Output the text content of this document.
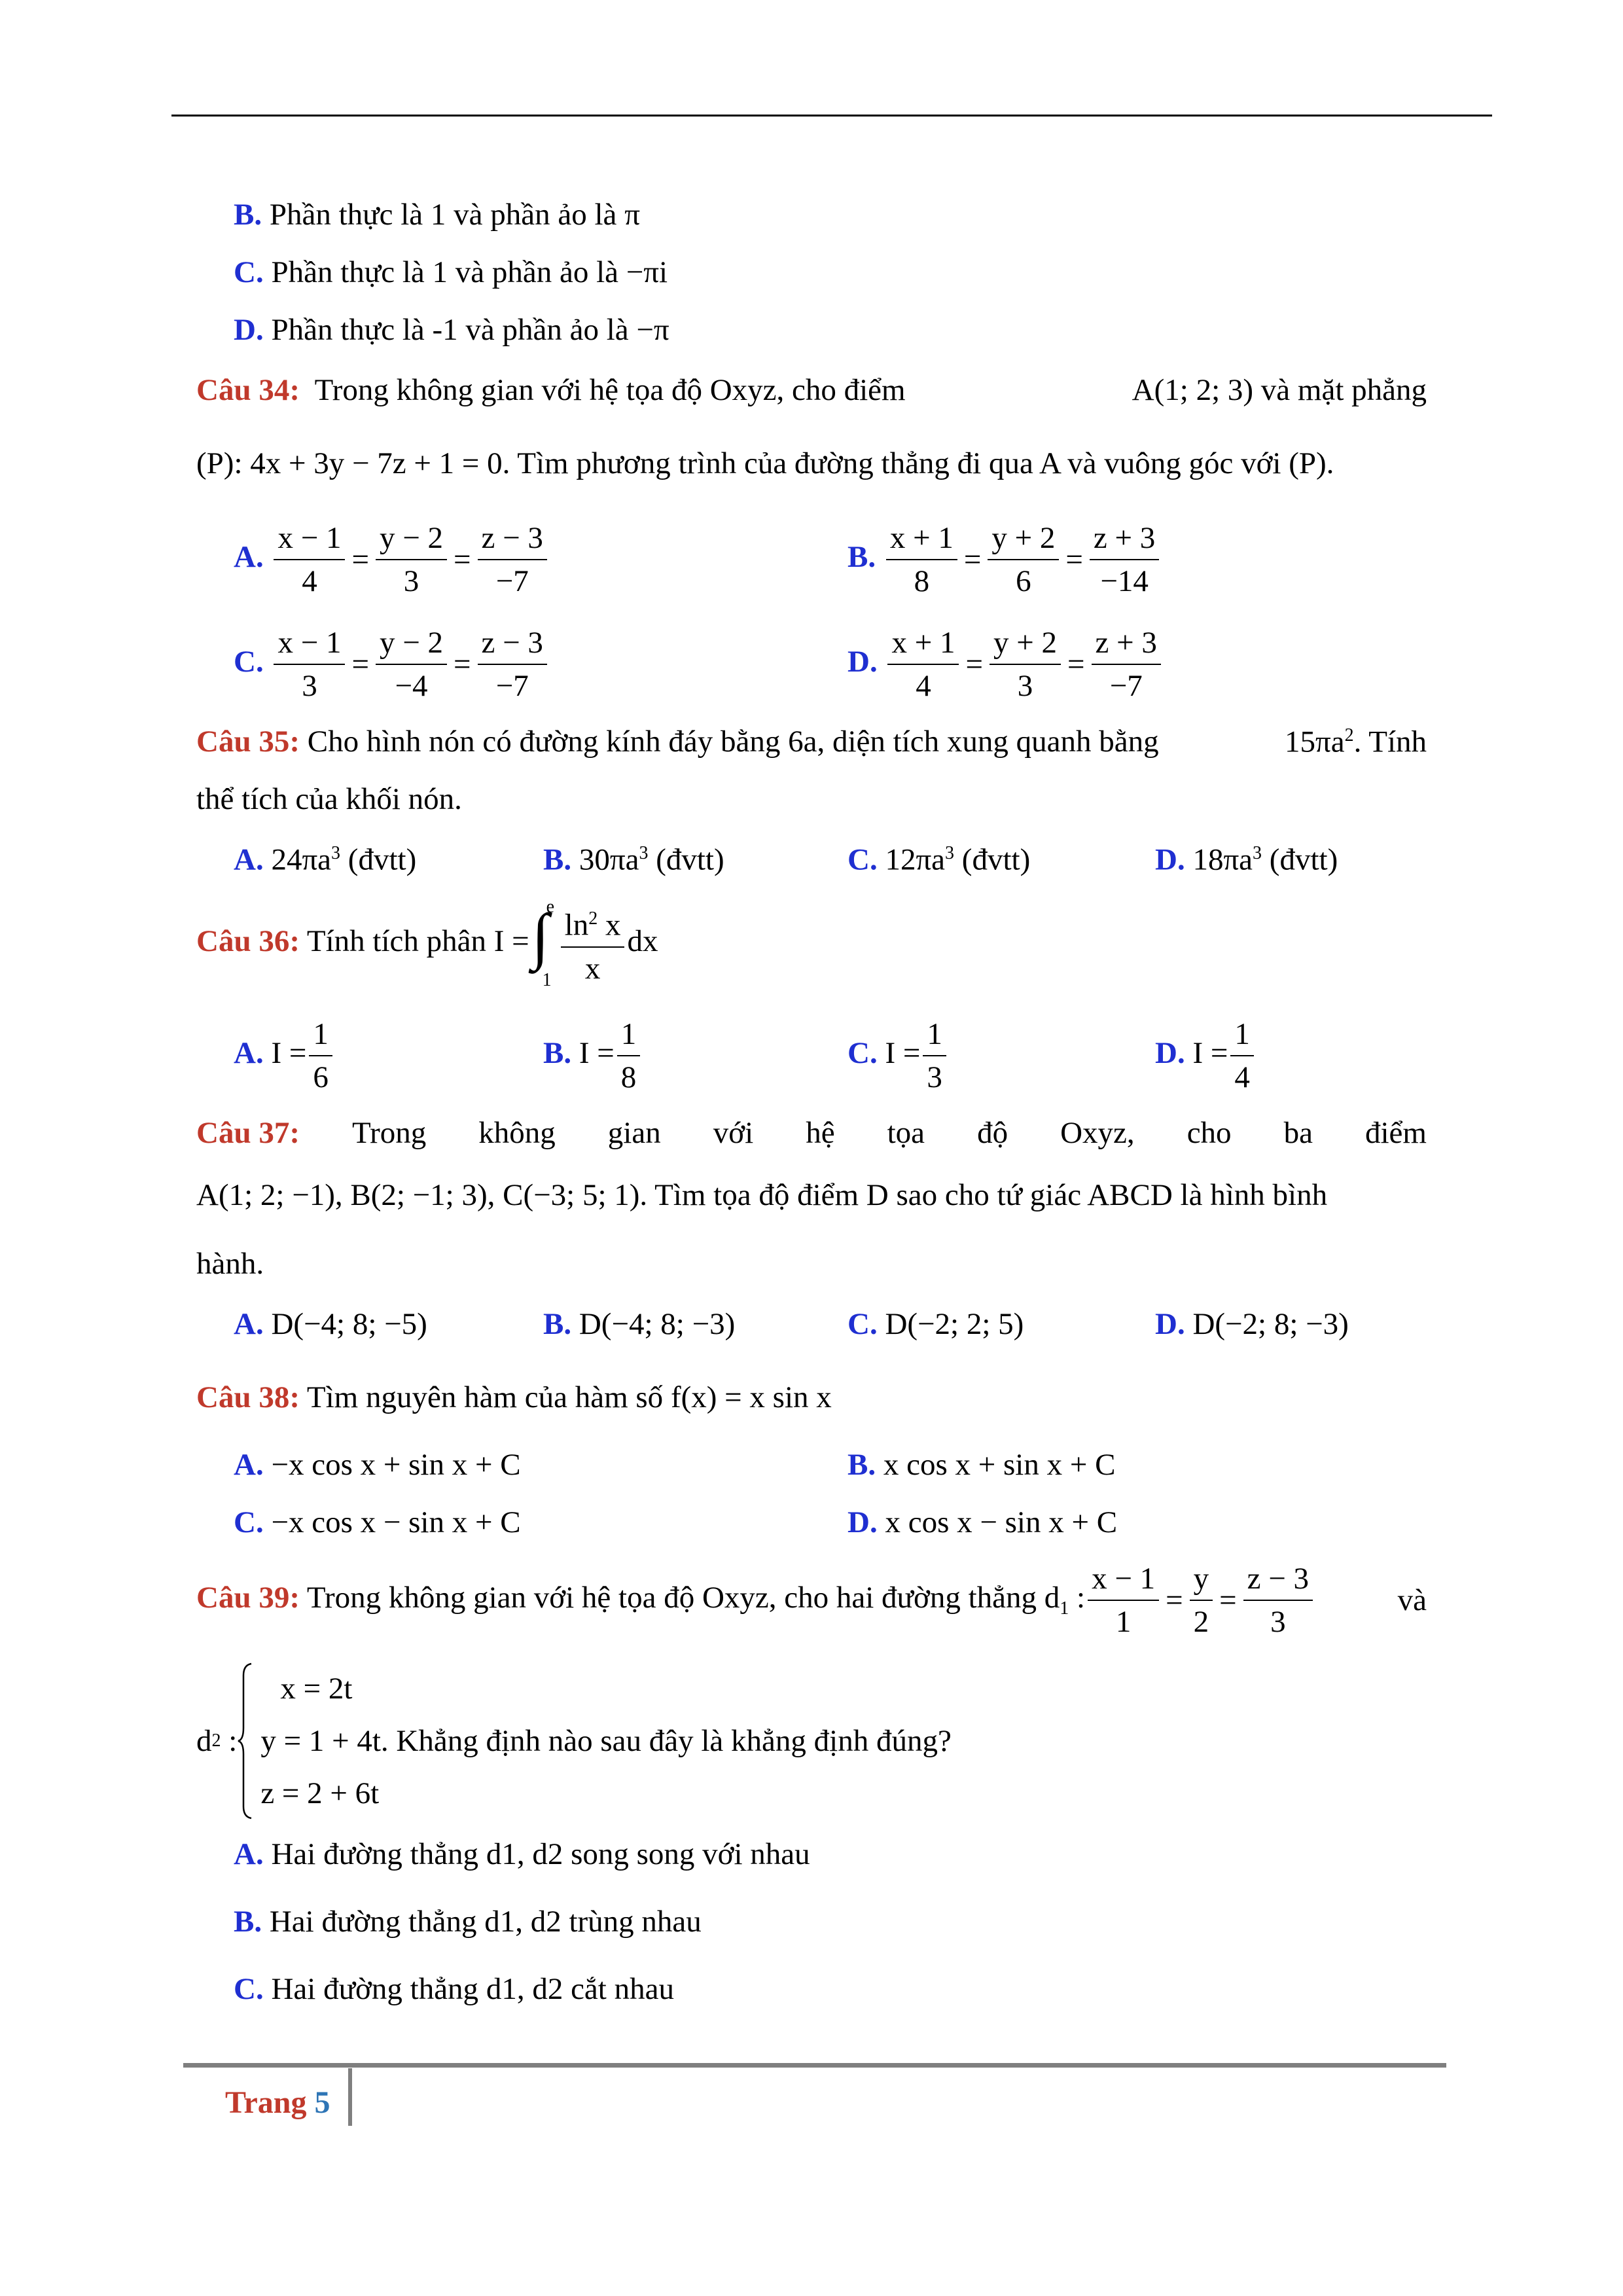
B. Phần thực là 1 và phần ảo là π
C. Phần thực là 1 và phần ảo là −πi
D. Phần thực là -1 và phần ảo là −π
Câu 34: Trong không gian với hệ tọa độ Oxyz, cho điểm	A(1; 2; 3) và mặt phẳng
(P): 4x + 3y − 7z + 1 = 0. Tìm phương trình của đường thẳng đi qua A và vuông góc với (P).
A. $\frac{x - 1}{4} = \frac{y - 2}{3} = \frac{z - 3}{-7}$	B. $\frac{x + 1}{8} = \frac{y + 2}{6} = \frac{z + 3}{-14}$
C. $\frac{x - 1}{3} = \frac{y - 2}{-4} = \frac{z - 3}{-7}$	D. $\frac{x + 1}{4} = \frac{y + 2}{3} = \frac{z + 3}{-7}$
Câu 35: Cho hình nón có đường kính đáy bằng 6a, diện tích xung quanh bằng	$15\pi a^2$. Tính
thể tích của khối nón.
A. $24\pi a^3$ (đvtt)	B. $30\pi a^3$ (đvtt)	C. $12\pi a^3$ (đvtt)	D. $18\pi a^3$ (đvtt)
Câu 36: Tính tích phân I = ∫
e
$1 \frac{\ln^2 x}{x}$ dx
A. $I = \frac{1}{6}$	B. $I = \frac{1}{8}$	C. $I = \frac{1}{3}$	D. $I = \frac{1}{4}$
Câu 37: Trong không gian với hệ tọa độ Oxyz, cho ba điểm
A(1; 2; −1), B(2; −1; 3), C(−3; 5; 1). Tìm tọa độ điểm D sao cho tứ giác ABCD là hình bình
hành.
A. D(−4; 8; −5)	B. D(−4; 8; −3)	C. D(−2; 2; 5)	D. D(−2; 8; −3)
Câu 38: Tìm nguyên hàm của hàm số f(x) = x sin x
A. −x cos x + sin x + C	B. x cos x + sin x + C
C. −x cos x − sin x + C	D. x cos x − sin x + C
Câu 39: Trong không gian với hệ tọa độ Oxyz, cho hai đường thẳng $d_1$ : $\frac{x - 1}{1} = \frac{y}{2} = \frac{z - 3}{3}$	và
d 2 :
x = 2t
y = 1 + 4t
z = 2 + 6t
. Khẳng định nào sau đây là khẳng định đúng?
A. Hai đường thẳng d1, d2 song song với nhau
B. Hai đường thẳng d1, d2 trùng nhau
C. Hai đường thẳng d1, d2 cắt nhau
Trang 5
